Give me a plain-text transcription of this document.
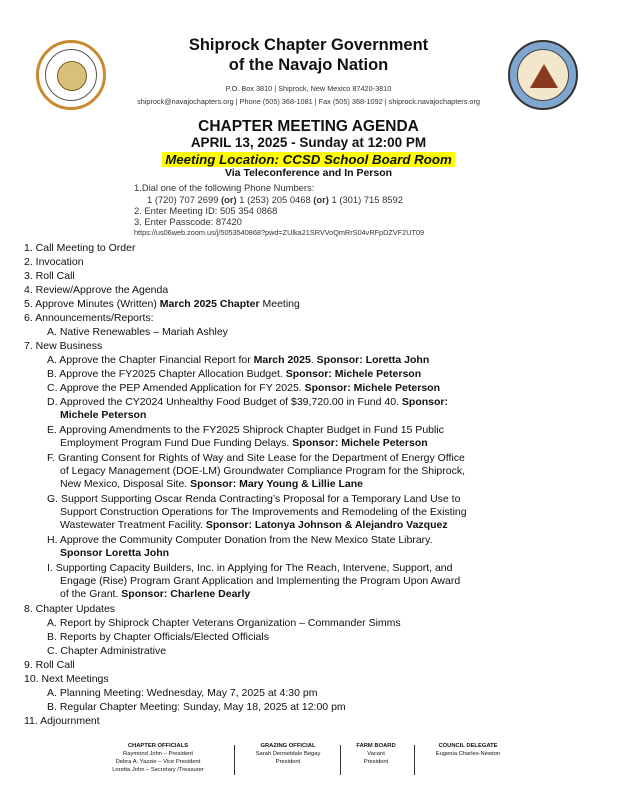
Shiprock Chapter Government
of the Navajo Nation
P.O. Box 3810 | Shiprock, New Mexico 87420-3810
shiprock@navajochapters.org | Phone (505) 368-1081 | Fax (505) 368-1092 | shiprock.navajochapters.org
CHAPTER MEETING AGENDA
APRIL 13, 2025 - Sunday at 12:00 PM
Meeting Location: CCSD School Board Room
Via Teleconference and In Person
1.Dial one of the following Phone Numbers:
1 (720) 707 2699 (or) 1 (253) 205 0468 (or) 1 (301) 715 8592
2. Enter Meeting ID: 505 354 0868
3. Enter Passcode: 87420
https://us06web.zoom.us/j/5053540868?pwd=ZUlka21SRVVoQmRrS04vRFpDZVF2UT09
1. Call Meeting to Order
2. Invocation
3. Roll Call
4. Review/Approve the Agenda
5. Approve Minutes (Written) March 2025 Chapter Meeting
6. Announcements/Reports:
A. Native Renewables – Mariah Ashley
7. New Business
A. Approve the Chapter Financial Report for March 2025. Sponsor: Loretta John
B. Approve the FY2025 Chapter Allocation Budget. Sponsor: Michele Peterson
C. Approve the PEP Amended Application for FY 2025. Sponsor: Michele Peterson
D. Approved the CY2024 Unhealthy Food Budget of $39,720.00 in Fund 40. Sponsor:
Michele Peterson
E. Approving Amendments to the FY2025 Shiprock Chapter Budget in Fund 15 Public
Employment Program Fund Due Funding Delays. Sponsor: Michele Peterson
F. Granting Consent for Rights of Way and Site Lease for the Department of Energy Office
of Legacy Management (DOE-LM) Groundwater Compliance Program for the Shiprock,
New Mexico, Disposal Site. Sponsor: Mary Young & Lillie Lane
G. Support Supporting Oscar Renda Contracting’s Proposal for a Temporary Land Use to
Support Construction Operations for The Improvements and Remodeling of the Existing
Wastewater Treatment Facility. Sponsor: Latonya Johnson & Alejandro Vazquez
H. Approve the Community Computer Donation from the New Mexico State Library.
Sponsor Loretta John
I. Supporting Capacity Builders, Inc. in Applying for The Reach, Intervene, Support, and
Engage (Rise) Program Grant Application and Implementing the Program Upon Award
of the Grant. Sponsor: Charlene Dearly
8. Chapter Updates
A. Report by Shiprock Chapter Veterans Organization – Commander Simms
B. Reports by Chapter Officials/Elected Officials
C. Chapter Administrative
9. Roll Call
10. Next Meetings
A. Planning Meeting: Wednesday, May 7, 2025 at 4:30 pm
B. Regular Chapter Meeting: Sunday, May 18, 2025 at 12:00 pm
11. Adjournment
CHAPTER OFFICIALS
Raymond John – President
Debra A. Yazzie – Vice President
Loretta John – Secretary /Treasurer
GRAZING OFFICIAL
Sarah Dennetdale Begay
President
FARM BOARD
Vacant
President
COUNCIL DELEGATE
Eugenia Charles-Newton
